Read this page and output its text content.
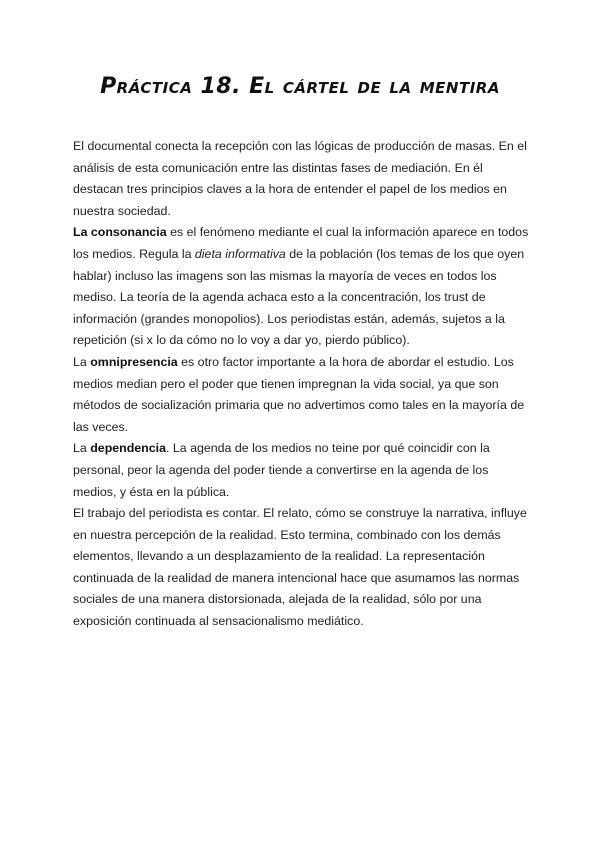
Práctica 18. El cártel de la mentira

El documental conecta la recepción con las lógicas de producción de masas. En el análisis de esta comunicación entre las distintas fases de mediación. En él destacan tres principios claves a la hora de entender el papel de los medios en nuestra sociedad.

La consonancia es el fenómeno mediante el cual la información aparece en todos los medios. Regula la dieta informativa de la población (los temas de los que oyen hablar) incluso las imagens son las mismas la mayoría de veces en todos los mediso. La teoría de la agenda achaca esto a la concentración, los trust de información (grandes monopolios). Los periodistas están, además, sujetos a la repetición (si x lo da cómo no lo voy a dar yo, pierdo público).

La omnipresencia es otro factor importante a la hora de abordar el estudio. Los medios median pero el poder que tienen impregnan la vida social, ya que son métodos de socialización primaria que no advertimos como tales en la mayoría de las veces.

La dependencia. La agenda de los medios no teine por qué coincidir con la personal, peor la agenda del poder tiende a convertirse en la agenda de los medios, y ésta en la pública.

El trabajo del periodista es contar. El relato, cómo se construye la narrativa, influye en nuestra percepción de la realidad. Esto termina, combinado con los demás elementos, llevando a un desplazamiento de la realidad. La representación continuada de la realidad de manera intencional hace que asumamos las normas sociales de una manera distorsionada, alejada de la realidad, sólo por una exposición continuada al sensacionalismo mediático.
